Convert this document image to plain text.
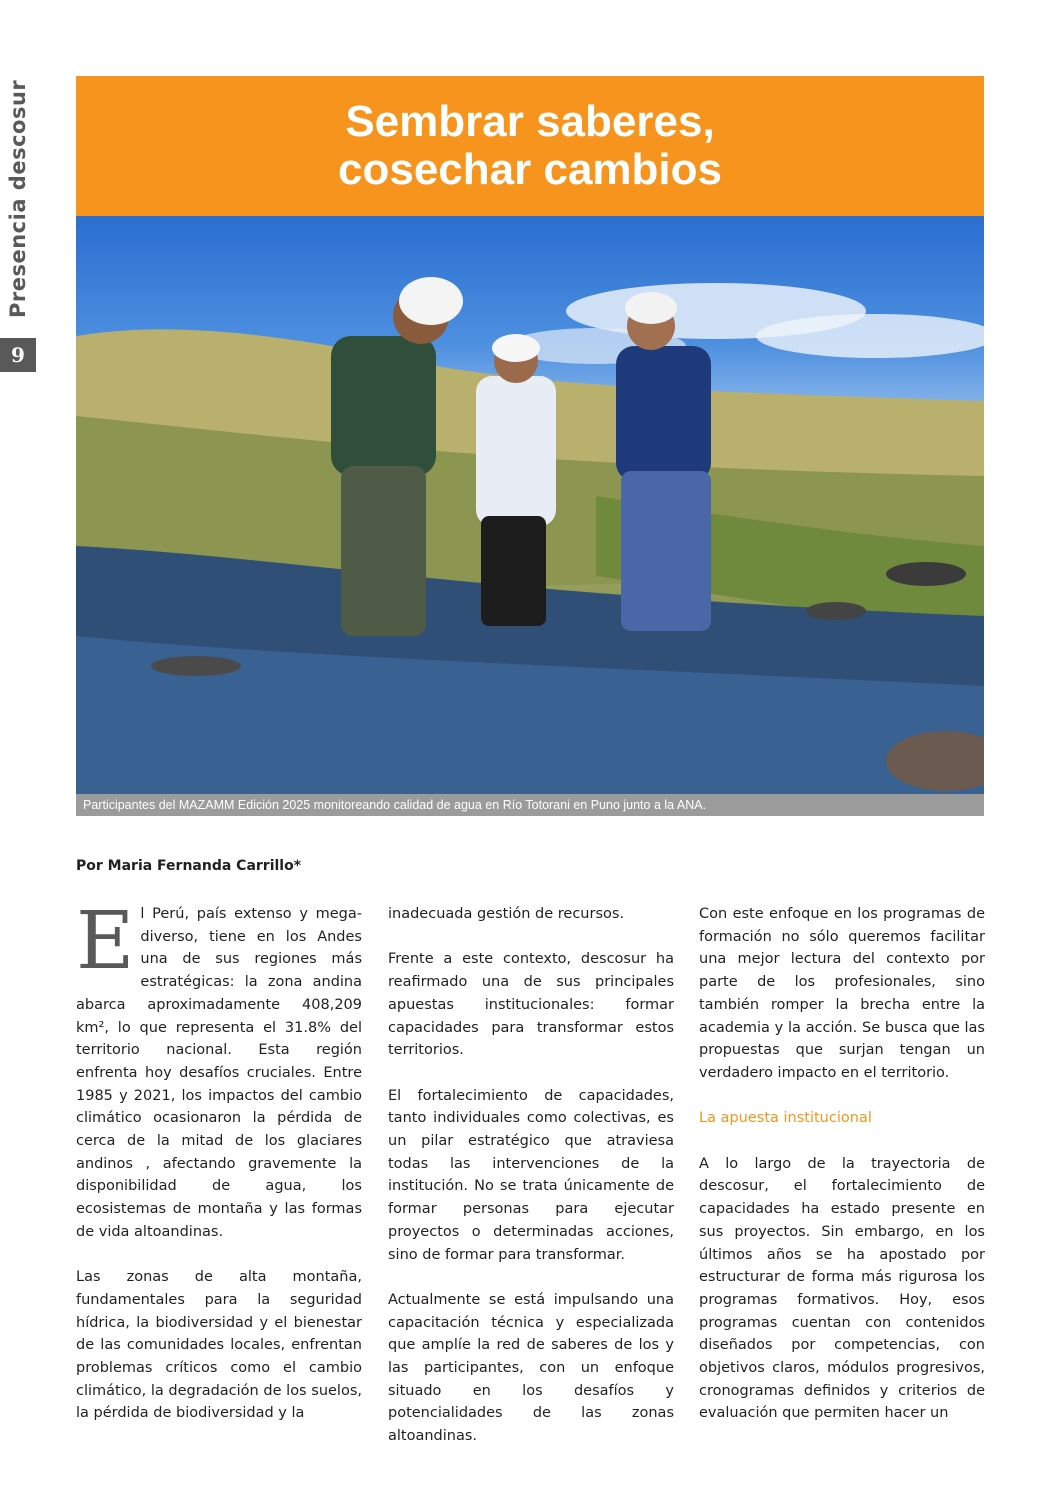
Presencia descosur
9
Sembrar saberes,
cosechar cambios
Participantes del MAZAMM Edición 2025 monitoreando calidad de agua en Río Totorani en Puno junto a la ANA.
Por Maria Fernanda Carrillo*

El Perú, país extenso y mega-diverso, tiene en los Andes una de sus regiones más estratégicas: la zona andina abarca aproximadamente 408,209 km², lo que representa el 31.8% del territorio nacional. Esta región enfrenta hoy desafíos cruciales. Entre 1985 y 2021, los impactos del cambio climático ocasionaron la pérdida de cerca de la mitad de los glaciares andinos , afectando gravemente la disponibilidad de agua, los ecosistemas de montaña y las formas de vida altoandinas.

Las zonas de alta montaña, fundamentales para la seguridad hídrica, la biodiversidad y el bienestar de las comunidades locales, enfrentan problemas críticos como el cambio climático, la degradación de los suelos, la pérdida de biodiversidad y la

inadecuada gestión de recursos.

Frente a este contexto, descosur ha reafirmado una de sus principales apuestas institucionales: formar capacidades para transformar estos territorios.

El fortalecimiento de capacidades, tanto individuales como colectivas, es un pilar estratégico que atraviesa todas las intervenciones de la institución. No se trata únicamente de formar personas para ejecutar proyectos o determinadas acciones, sino de formar para transformar.

Actualmente se está impulsando una capacitación técnica y especializada que amplíe la red de saberes de los y las participantes, con un enfoque situado en los desafíos y potencialidades de las zonas altoandinas.

Con este enfoque en los programas de formación no sólo queremos facilitar una mejor lectura del contexto por parte de los profesionales, sino también romper la brecha entre la academia y la acción. Se busca que las propuestas que surjan tengan un verdadero impacto en el territorio.

La apuesta institucional

A lo largo de la trayectoria de descosur, el fortalecimiento de capacidades ha estado presente en sus proyectos. Sin embargo, en los últimos años se ha apostado por estructurar de forma más rigurosa los programas formativos. Hoy, esos programas cuentan con contenidos diseñados por competencias, con objetivos claros, módulos progresivos, cronogramas definidos y criterios de evaluación que permiten hacer un
